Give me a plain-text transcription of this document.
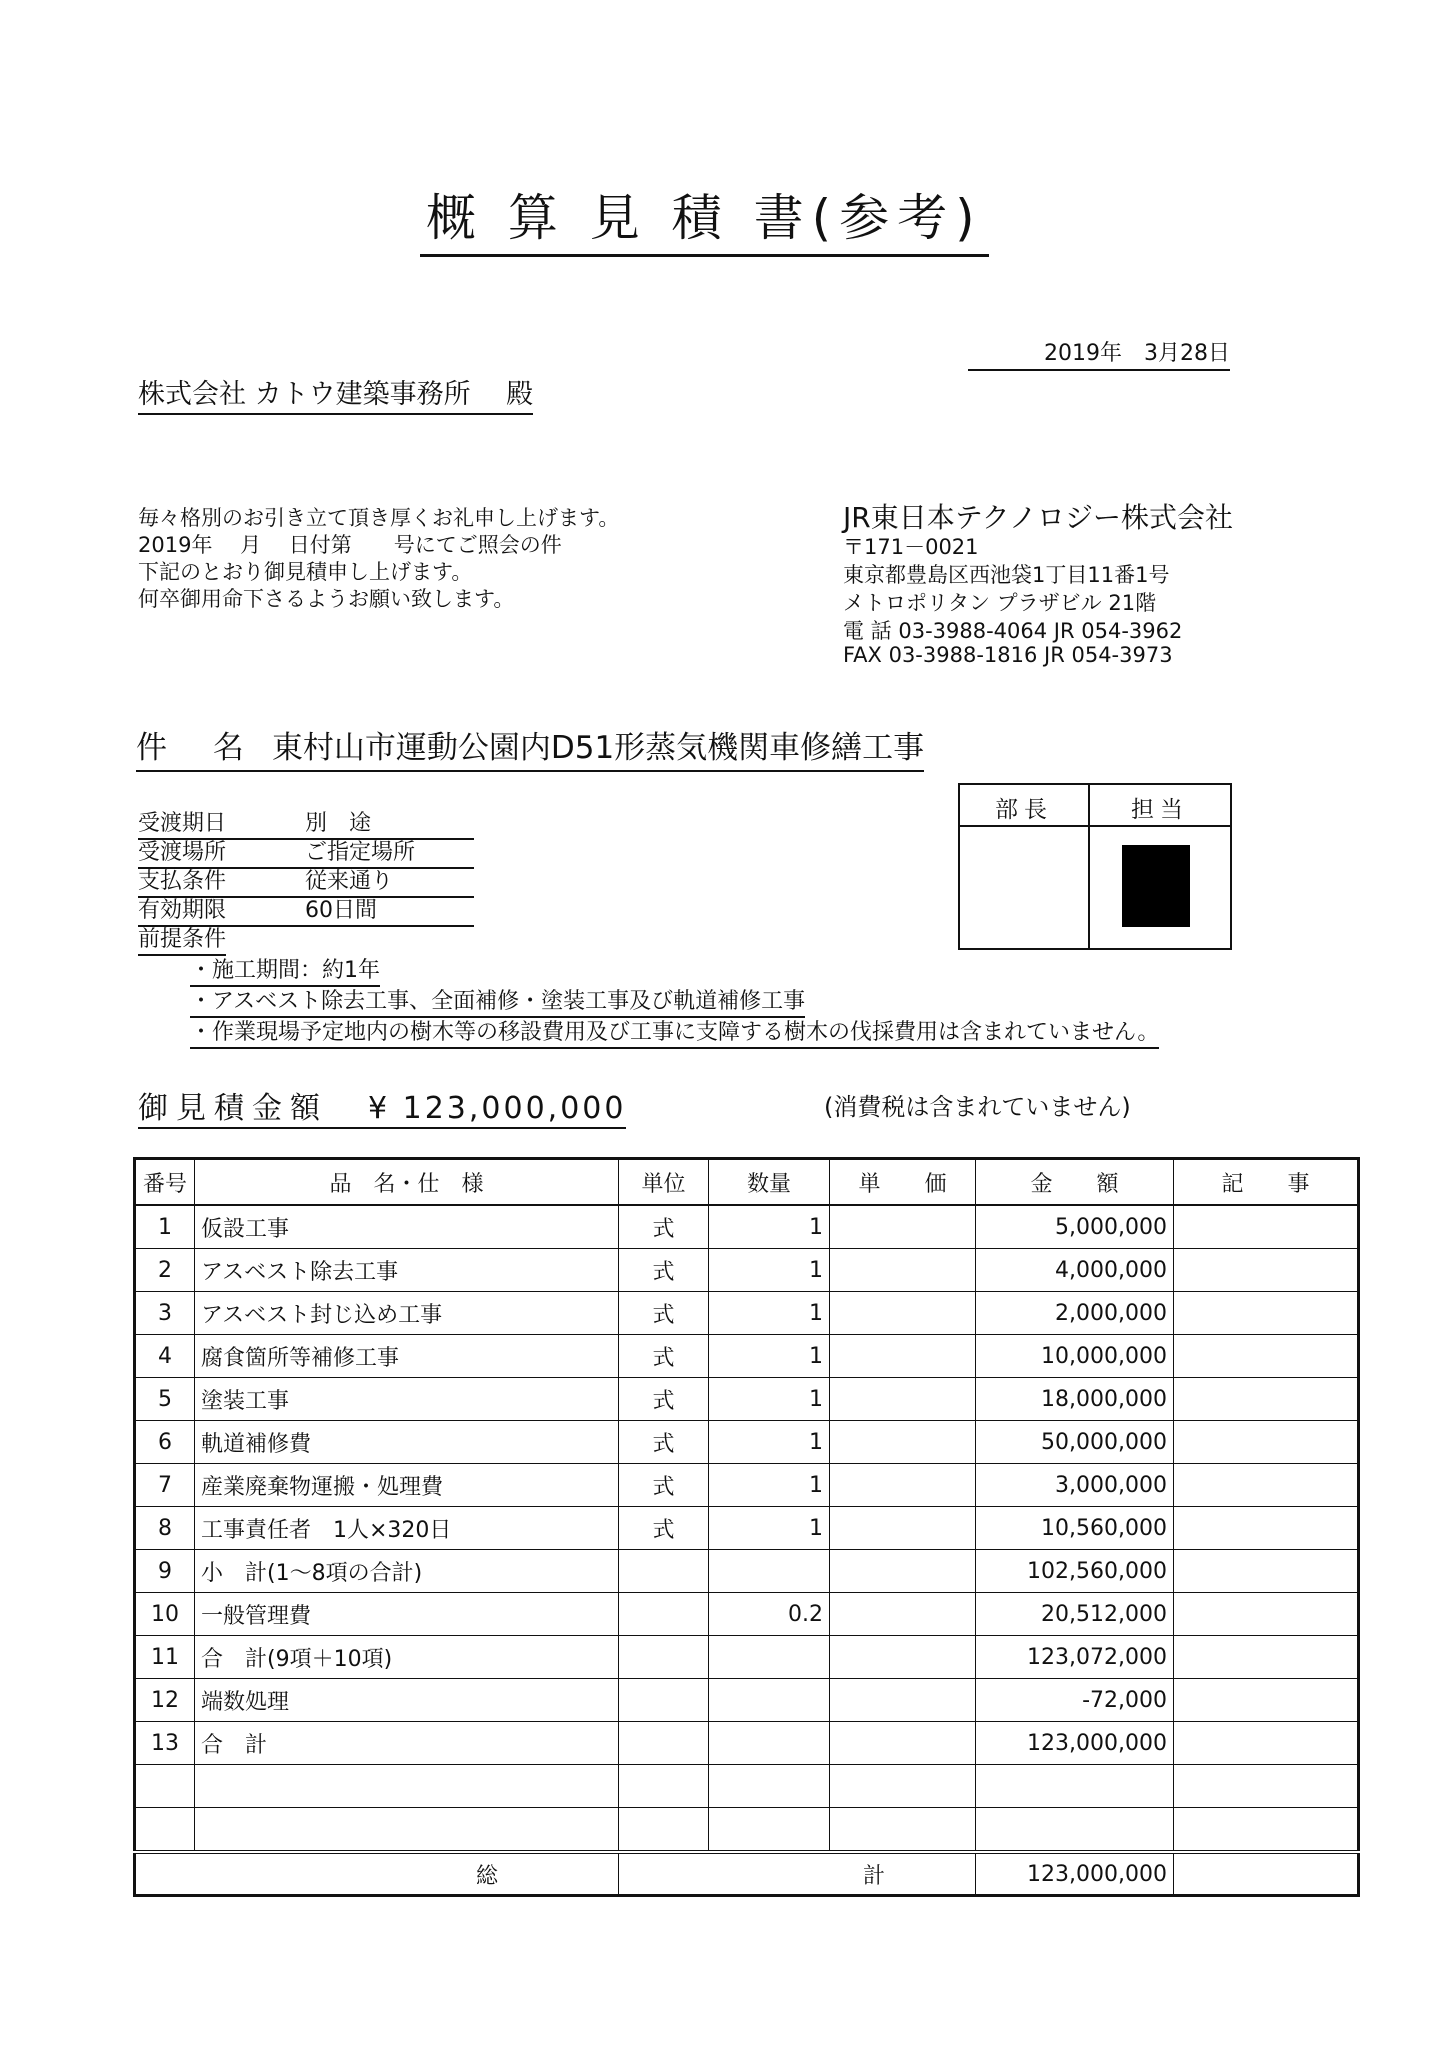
概 算 見 積 書(参考)
2019年　3月28日
株式会社 カトウ建築事務所　 殿
毎々格別のお引き立て頂き厚くお礼申し上げます。
2019年　 月　 日付第　　号にてご照会の件
下記のとおり御見積申し上げます。
何卒御用命下さるようお願い致します。
JR東日本テクノロジー株式会社
〒171－0021
東京都豊島区西池袋1丁目11番1号
メトロポリタン プラザビル 21階
電 話 03-3988-4064 JR 054-3962
FAX 03-3988-1816 JR 054-3973
件 名 東村山市運動公園内D51形蒸気機関車修繕工事
受渡期日	別　途
受渡場所	ご指定場所
支払条件	従来通り
有効期限	60日間
前提条件
・施工期間：約1年
・アスベスト除去工事、全面補修・塗装工事及び軌道補修工事
・作業現場予定地内の樹木等の移設費用及び工事に支障する樹木の伐採費用は含まれていません。
部長	担当
御見積金額 ¥ 123,000,000	(消費税は含まれていません)
番号	品　名・仕　様	単位	数量	単　　価	金　　額	記　　事
1	仮設工事	式	1		5,000,000	
2	アスベスト除去工事	式	1		4,000,000	
3	アスベスト封じ込め工事	式	1		2,000,000	
4	腐食箇所等補修工事	式	1		10,000,000	
5	塗装工事	式	1		18,000,000	
6	軌道補修費	式	1		50,000,000	
7	産業廃棄物運搬・処理費	式	1		3,000,000	
8	工事責任者　1人×320日	式	1		10,560,000	
9	小　計(1～8項の合計)				102,560,000	
10	一般管理費		0.2		20,512,000	
11	合　計(9項＋10項)				123,072,000	
12	端数処理				-72,000	
13	合　計				123,000,000	

総		計			123,000,000	
